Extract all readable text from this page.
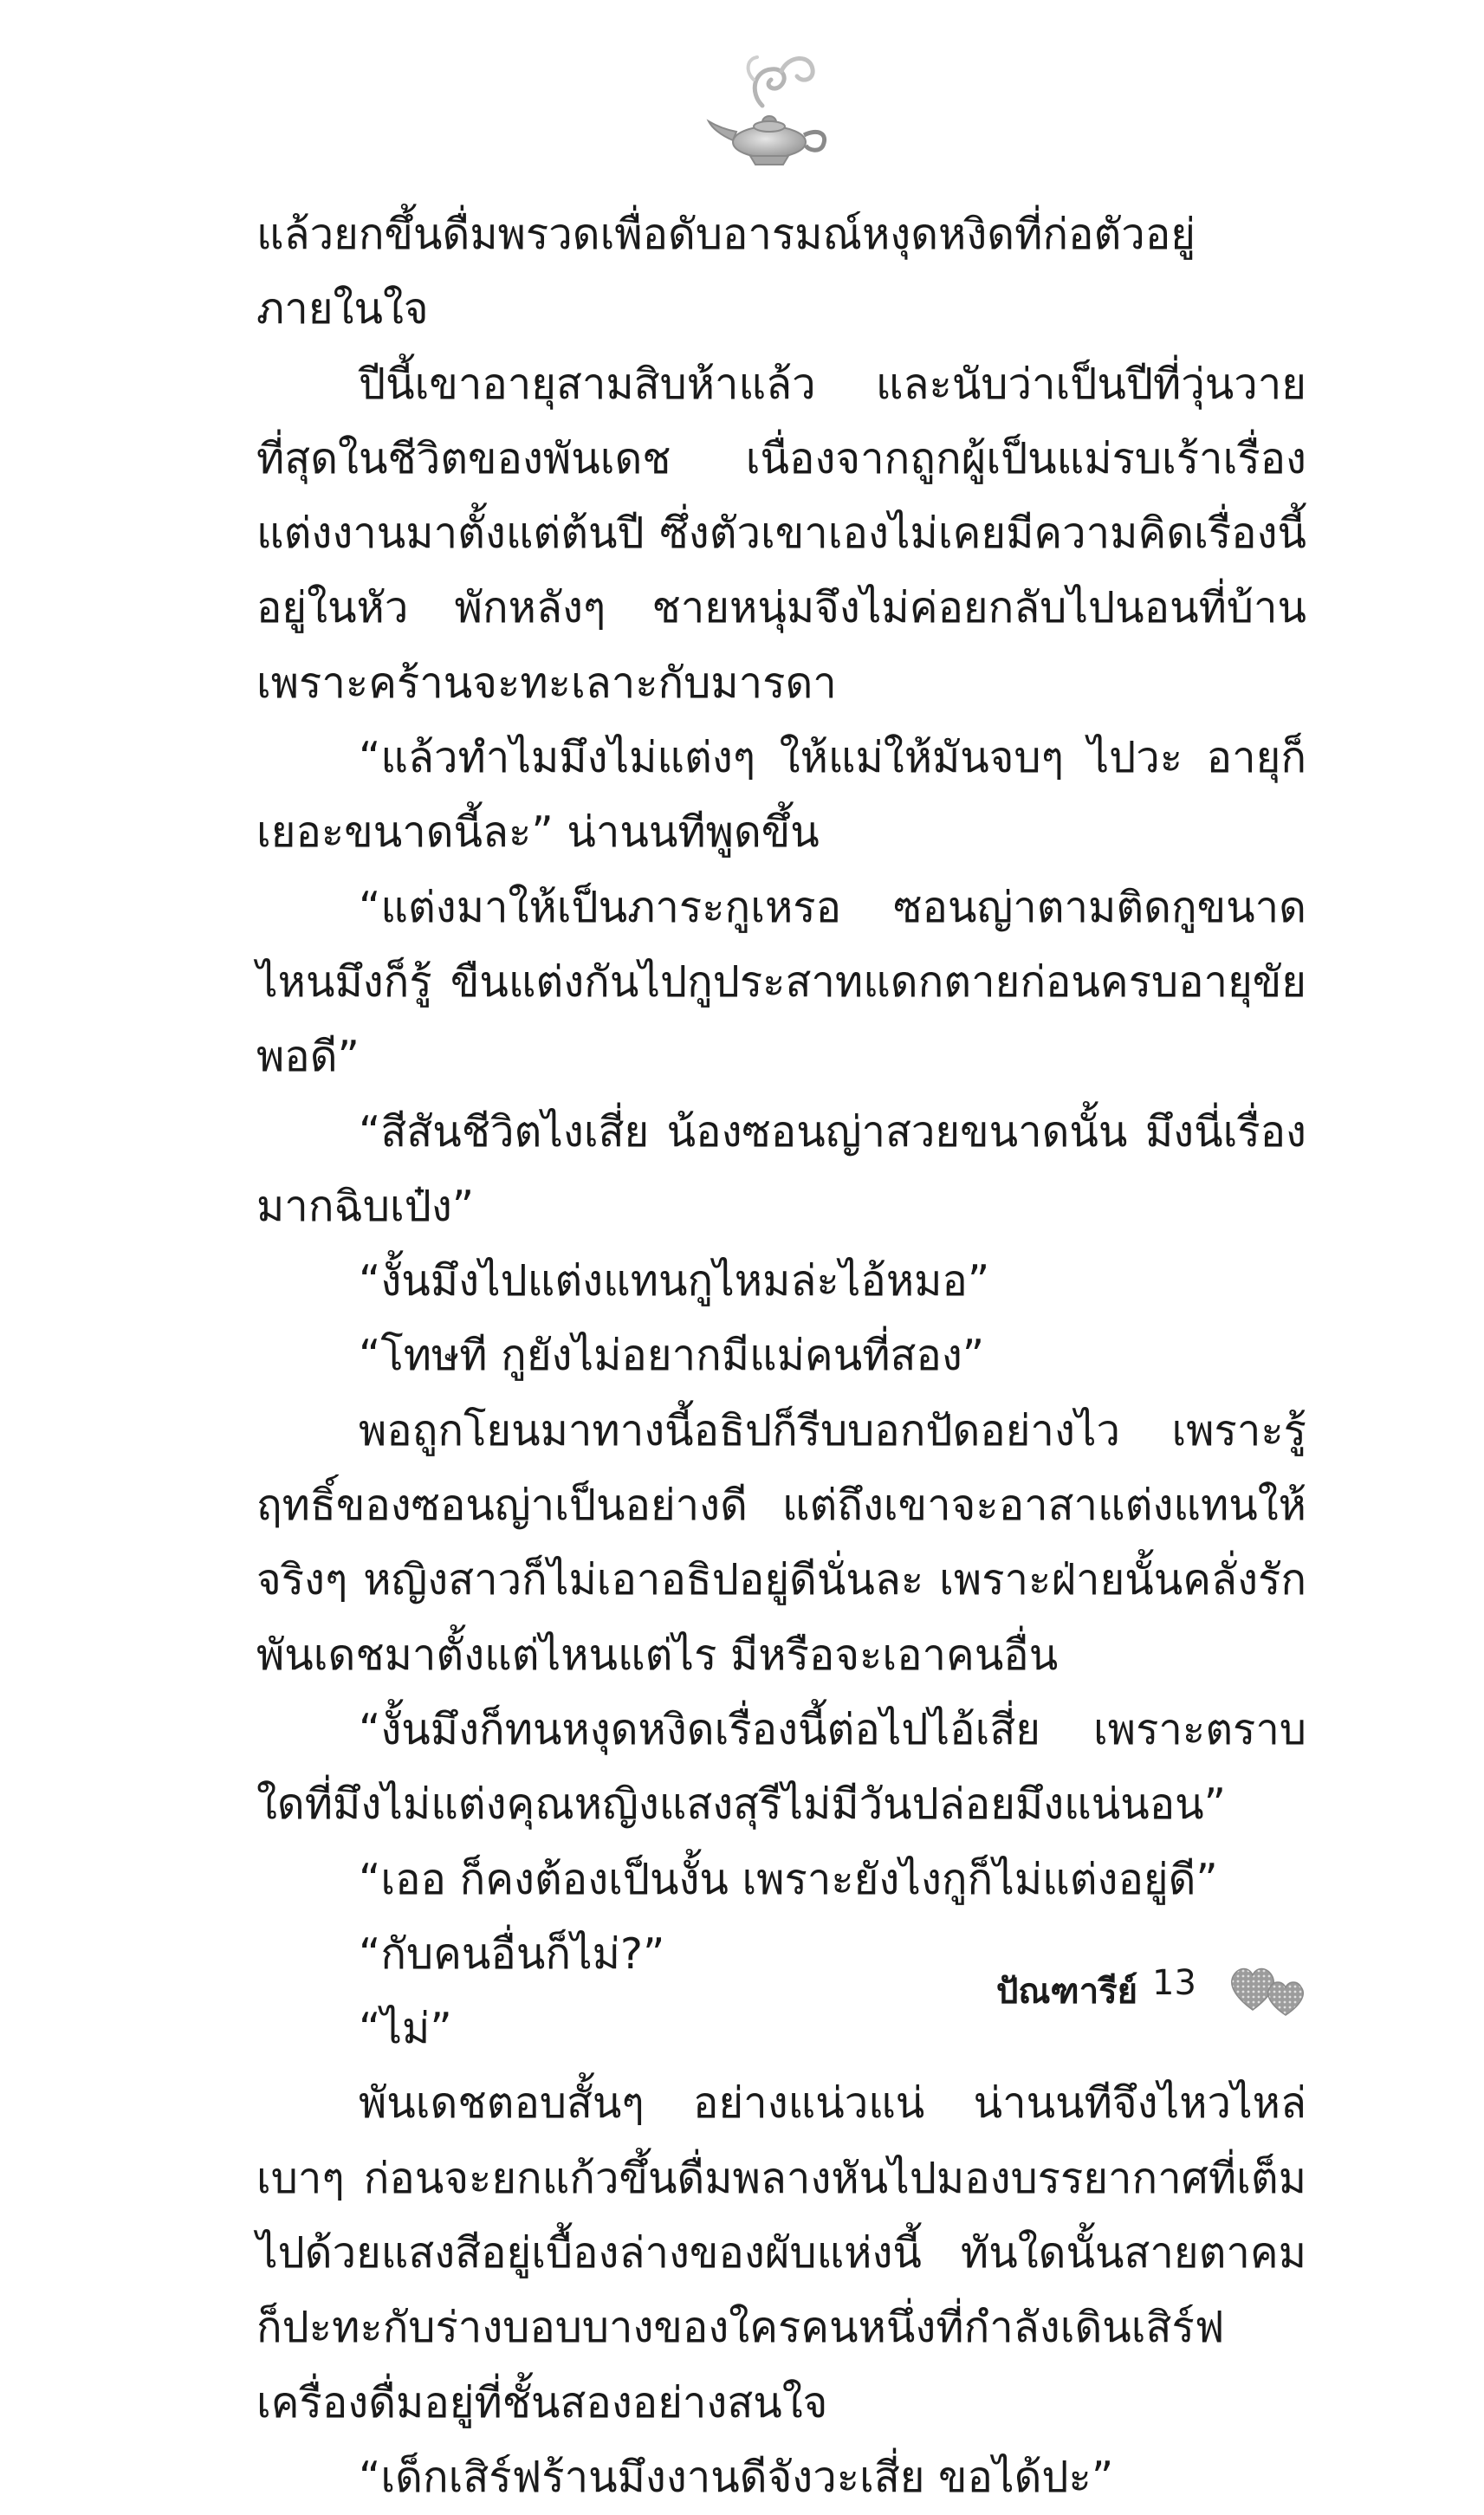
แล้วยกขึ้นดื่มพรวดเพื่อดับอารมณ์หงุดหงิดที่ก่อตัวอยู่ภายในใจ

ปีนี้เขาอายุสามสิบห้าแล้ว และนับว่าเป็นปีที่วุ่นวายที่สุดในชีวิตของพันเดช เนื่องจากถูกผู้เป็นแม่รบเร้าเรื่องแต่งงานมาตั้งแต่ต้นปี ซึ่งตัวเขาเองไม่เคยมีความคิดเรื่องนี้อยู่ในหัว พักหลังๆ ชายหนุ่มจึงไม่ค่อยกลับไปนอนที่บ้าน เพราะคร้านจะทะเลาะกับมารดา

“แล้วทำไมมึงไม่แต่งๆ ให้แม่ให้มันจบๆ ไปวะ อายุก็เยอะขนาดนี้ละ” น่านนทีพูดขึ้น

“แต่งมาให้เป็นภาระกูเหรอ ซอนญ่าตามติดกูขนาดไหนมึงก็รู้ ขืนแต่งกันไปกูประสาทแดกตายก่อนครบอายุขัยพอดี”

“สีสันชีวิตไงเสี่ย น้องซอนญ่าสวยขนาดนั้น มึงนี่เรื่องมากฉิบเป๋ง”

“งั้นมึงไปแต่งแทนกูไหมล่ะไอ้หมอ”

“โทษที กูยังไม่อยากมีแม่คนที่สอง”

พอถูกโยนมาทางนี้อธิปก็รีบบอกปัดอย่างไว เพราะรู้ฤทธิ์ของซอนญ่าเป็นอย่างดี แต่ถึงเขาจะอาสาแต่งแทนให้จริงๆ หญิงสาวก็ไม่เอาอธิปอยู่ดีนั่นละ เพราะฝ่ายนั้นคลั่งรักพันเดชมาตั้งแต่ไหนแต่ไร มีหรือจะเอาคนอื่น

“งั้นมึงก็ทนหงุดหงิดเรื่องนี้ต่อไปไอ้เสี่ย เพราะตราบใดที่มึงไม่แต่งคุณหญิงแสงสุรีไม่มีวันปล่อยมึงแน่นอน”

“เออ ก็คงต้องเป็นงั้น เพราะยังไงกูก็ไม่แต่งอยู่ดี”

“กับคนอื่นก็ไม่?”

“ไม่”

พันเดชตอบสั้นๆ อย่างแน่วแน่ น่านนทีจึงไหวไหล่เบาๆ ก่อนจะยกแก้วขึ้นดื่มพลางหันไปมองบรรยากาศที่เต็มไปด้วยแสงสีอยู่เบื้องล่างของผับแห่งนี้ ทันใดนั้นสายตาคมก็ปะทะกับร่างบอบบางของใครคนหนึ่งที่กำลังเดินเสิร์ฟเครื่องดื่มอยู่ที่ชั้นสองอย่างสนใจ

“เด็กเสิร์ฟร้านมึงงานดีจังวะเสี่ย ขอได้ปะ”

ปัณฑารีย์ 13
